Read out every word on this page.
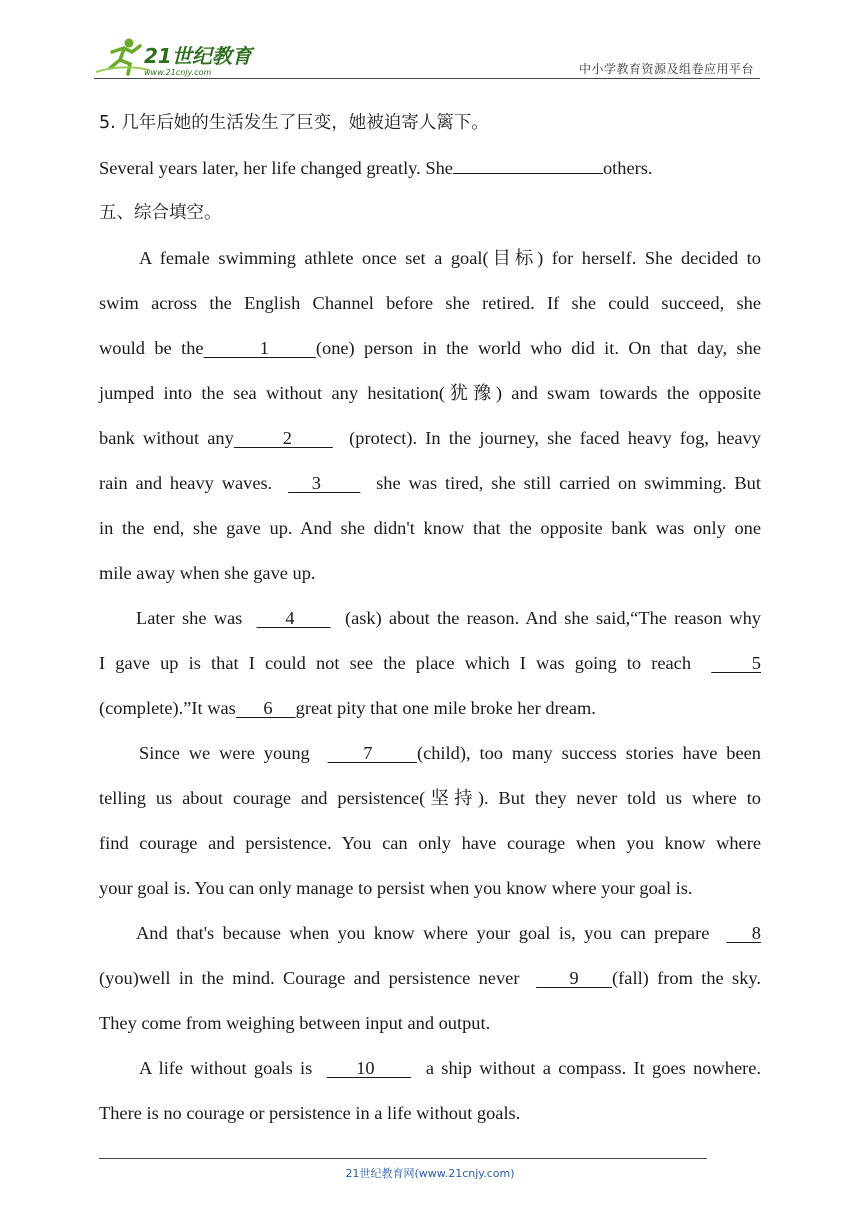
21世纪教育
www.21cnjy.com	中小学教育资源及组卷应用平台
5. 几年后她的生活发生了巨变，她被迫寄人篱下。
Several years later, her life changed greatly. She	others.
五、综合填空。
A female swimming athlete once set a goal(目标) for herself. She decided to
swim across the English Channel before she retired. If she could succeed, she
would be the      1     (one) person in the world who did it. On that day, she
jumped into the sea without any hesitation(犹豫) and swam towards the opposite
bank without any      2       (protect). In the journey, she faced heavy fog, heavy
rain and heavy waves.     3       she was tired, she still carried on swimming. But
in the end, she gave up. And she didn't know that the opposite bank was only one
mile away when she gave up.
Later she was      4       (ask) about the reason. And she said,“The reason why
I gave up is that I could not see the place which I was going to reach      5
(complete).”It was      6     great pity that one mile broke her dream.
Since we were young      7     (child), too many success stories have been
telling us about courage and persistence(坚持). But they never told us where to
find courage and persistence. You can only have courage when you know where
your goal is. You can only manage to persist when you know where your goal is.
And that's because when you know where your goal is, you can prepare     8
(you)well in the mind. Courage and persistence never      9    (fall) from the sky.
They come from weighing between input and output.
A life without goals is      10       a ship without a compass. It goes nowhere.
There is no courage or persistence in a life without goals.
21世纪教育网(www.21cnjy.com)
